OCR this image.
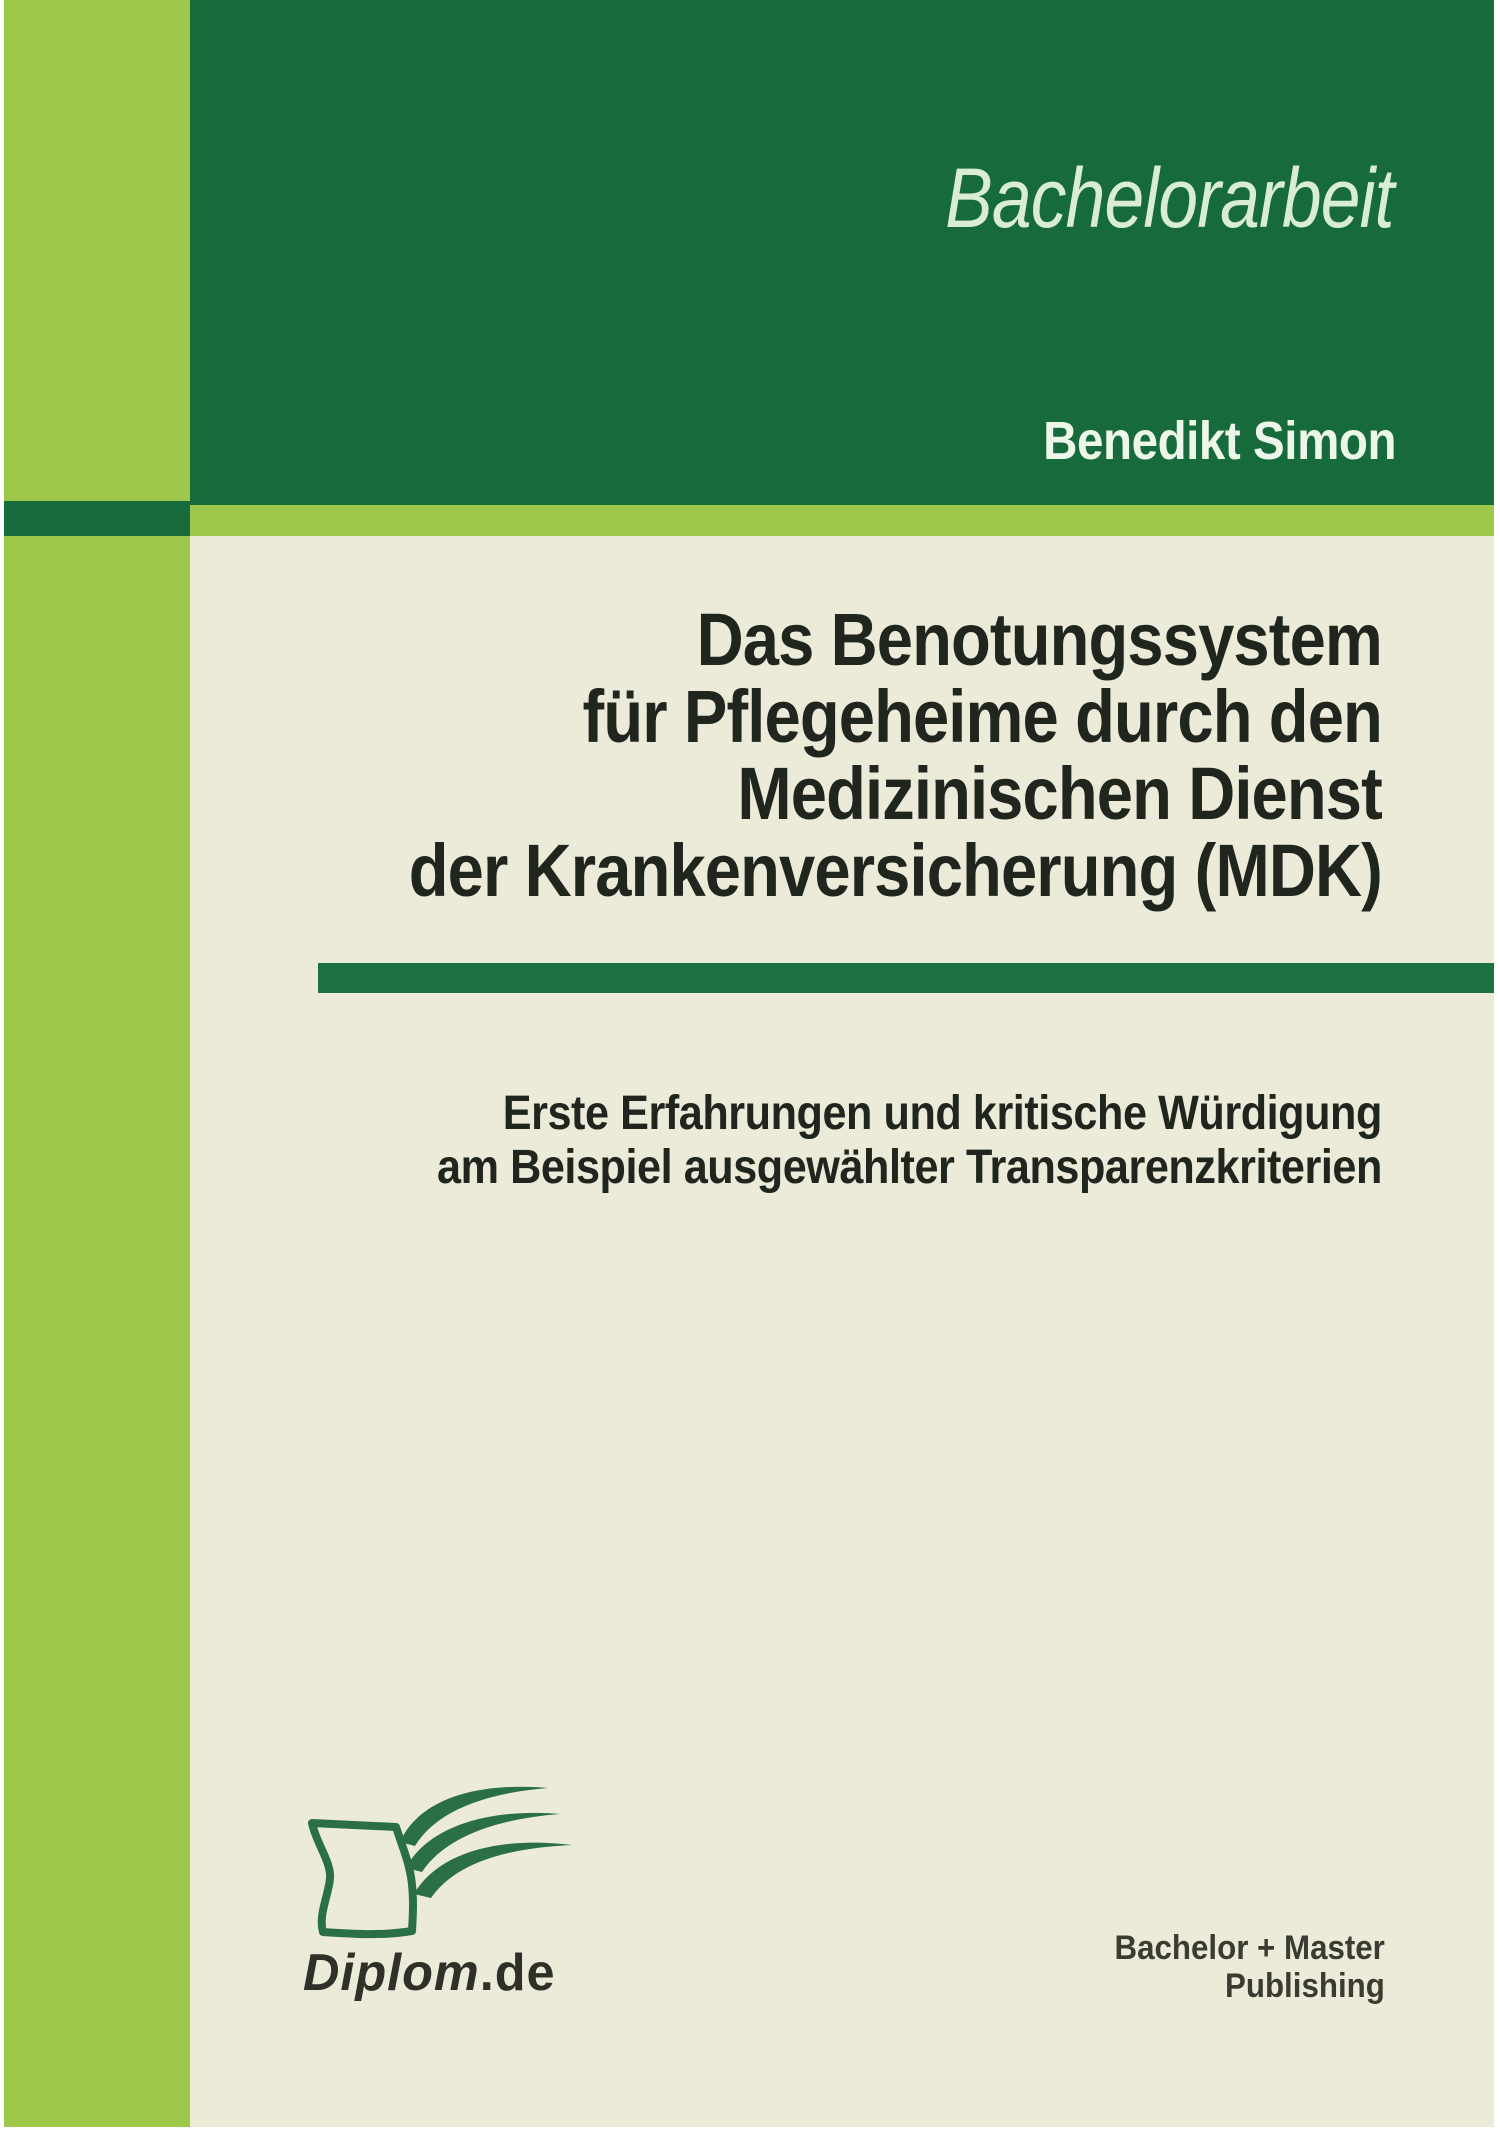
Bachelorarbeit
Benedikt Simon
Das Benotungssystem
für Pflegeheime durch den
Medizinischen Dienst
der Krankenversicherung (MDK)
Erste Erfahrungen und kritische Würdigung
am Beispiel ausgewählter Transparenzkriterien
Diplom.de	Bachelor + Master
Publishing
